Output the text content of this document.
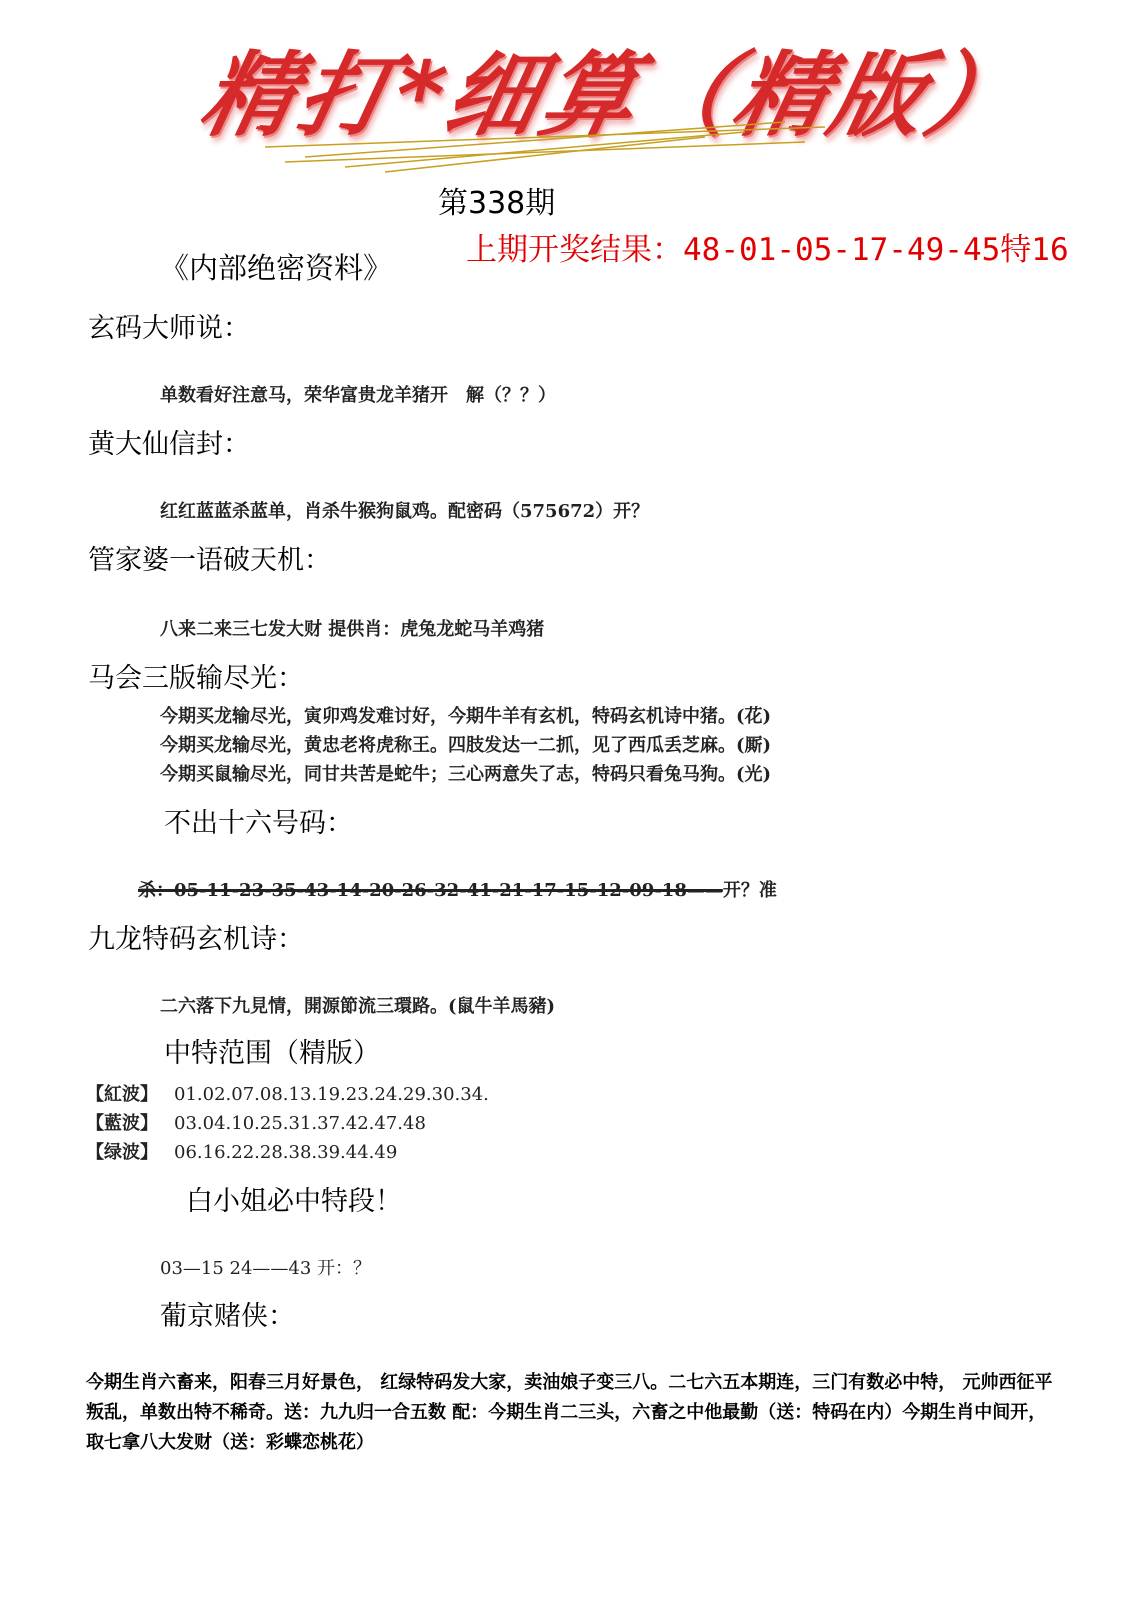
精打*细算（精版）
第338期
上期开奖结果：48-01-05-17-49-45特16
《内部绝密资料》
玄码大师说：
单数看好注意马，荣华富贵龙羊猪开　解（？？）
黄大仙信封：
红红蓝蓝杀蓝单，肖杀牛猴狗鼠鸡。配密码（575672）开？
管家婆一语破天机：
八来二来三七发大财 提供肖：虎兔龙蛇马羊鸡猪
马会三版输尽光：
今期买龙输尽光，寅卯鸡发难讨好，今期牛羊有玄机，特码玄机诗中猪。(花)
今期买龙输尽光，黄忠老将虎称王。四肢发达一二抓，见了西瓜丢芝麻。(厮)
今期买鼠输尽光，同甘共苦是蛇牛；三心两意失了志，特码只看兔马狗。(光)
不出十六号码：
杀：05-11-23-35-43-14-20-26-32-41-21-17-15-12-09-18——开？准
九龙特码玄机诗：
二六落下九見情，開源節流三環路。(鼠牛羊馬豬)
中特范围（精版）
【紅波】 01.02.07.08.13.19.23.24.29.30.34.
【藍波】 03.04.10.25.31.37.42.47.48
【绿波】 06.16.22.28.38.39.44.49
白小姐必中特段！
03—15 24——43 开：？
葡京赌侠：
今期生肖六畜来，阳春三月好景色， 红绿特码发大家，卖油娘子变三八。二七六五本期连，三门有数必中特， 元帅西征平叛乱，单数出特不稀奇。送：九九归一合五数 配：今期生肖二三头，六畜之中他最勤（送：特码在内）今期生肖中间开，取七拿八大发财（送：彩蝶恋桃花）
